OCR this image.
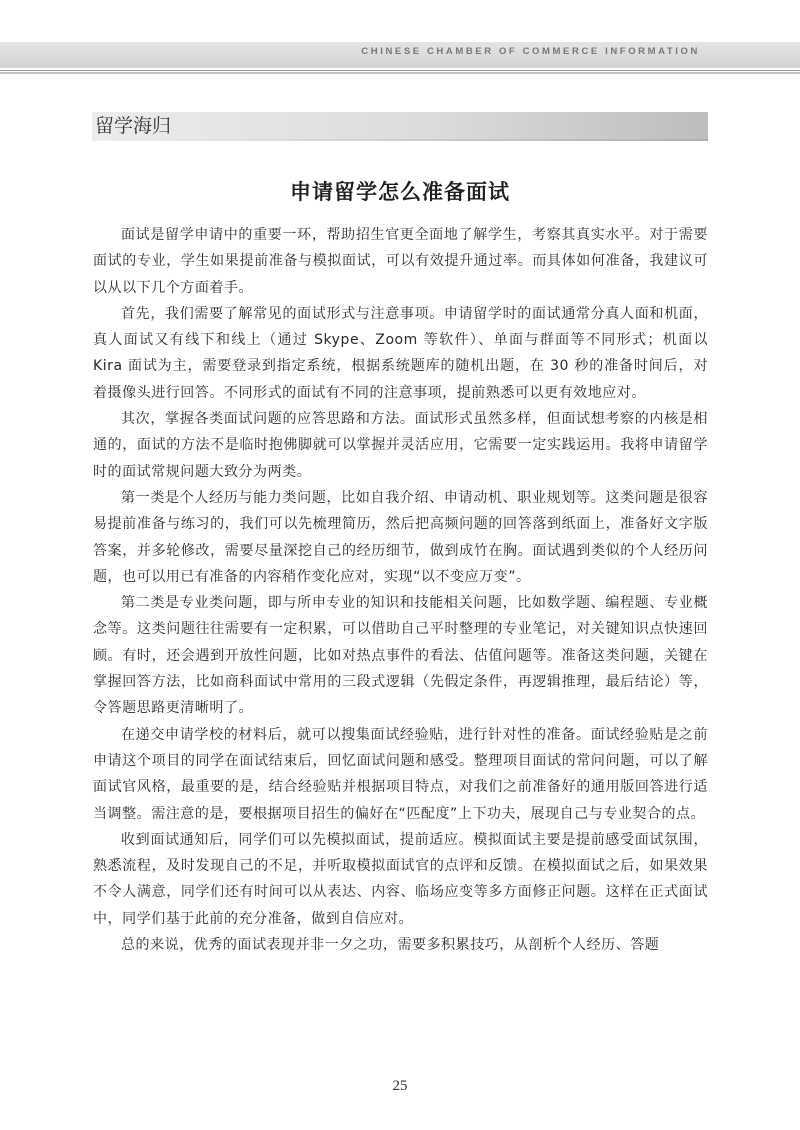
CHINESE CHAMBER OF COMMERCE INFORMATION
留学海归
申请留学怎么准备面试

面试是留学申请中的重要一环，帮助招生官更全面地了解学生，考察其真实水平。对于需要面试的专业，学生如果提前准备与模拟面试，可以有效提升通过率。而具体如何准备，我建议可以从以下几个方面着手。

首先，我们需要了解常见的面试形式与注意事项。申请留学时的面试通常分真人面和机面，真人面试又有线下和线上（通过 Skype、Zoom 等软件）、单面与群面等不同形式；机面以 Kira 面试为主，需要登录到指定系统，根据系统题库的随机出题，在 30 秒的准备时间后，对着摄像头进行回答。不同形式的面试有不同的注意事项，提前熟悉可以更有效地应对。

其次，掌握各类面试问题的应答思路和方法。面试形式虽然多样，但面试想考察的内核是相通的，面试的方法不是临时抱佛脚就可以掌握并灵活应用，它需要一定实践运用。我将申请留学时的面试常规问题大致分为两类。

第一类是个人经历与能力类问题，比如自我介绍、申请动机、职业规划等。这类问题是很容易提前准备与练习的，我们可以先梳理简历，然后把高频问题的回答落到纸面上，准备好文字版答案，并多轮修改，需要尽量深挖自己的经历细节，做到成竹在胸。面试遇到类似的个人经历问题，也可以用已有准备的内容稍作变化应对，实现“以不变应万变”。

第二类是专业类问题，即与所申专业的知识和技能相关问题，比如数学题、编程题、专业概念等。这类问题往往需要有一定积累，可以借助自己平时整理的专业笔记，对关键知识点快速回顾。有时，还会遇到开放性问题，比如对热点事件的看法、估值问题等。准备这类问题，关键在掌握回答方法，比如商科面试中常用的三段式逻辑（先假定条件，再逻辑推理，最后结论）等，令答题思路更清晰明了。

在递交申请学校的材料后，就可以搜集面试经验贴，进行针对性的准备。面试经验贴是之前申请这个项目的同学在面试结束后，回忆面试问题和感受。整理项目面试的常问问题，可以了解面试官风格，最重要的是，结合经验贴并根据项目特点，对我们之前准备好的通用版回答进行适当调整。需注意的是，要根据项目招生的偏好在“匹配度”上下功夫，展现自己与专业契合的点。

收到面试通知后，同学们可以先模拟面试，提前适应。模拟面试主要是提前感受面试氛围，熟悉流程，及时发现自己的不足，并听取模拟面试官的点评和反馈。在模拟面试之后，如果效果不令人满意，同学们还有时间可以从表达、内容、临场应变等多方面修正问题。这样在正式面试中，同学们基于此前的充分准备，做到自信应对。

总的来说，优秀的面试表现并非一夕之功，需要多积累技巧，从剖析个人经历、答题

25
